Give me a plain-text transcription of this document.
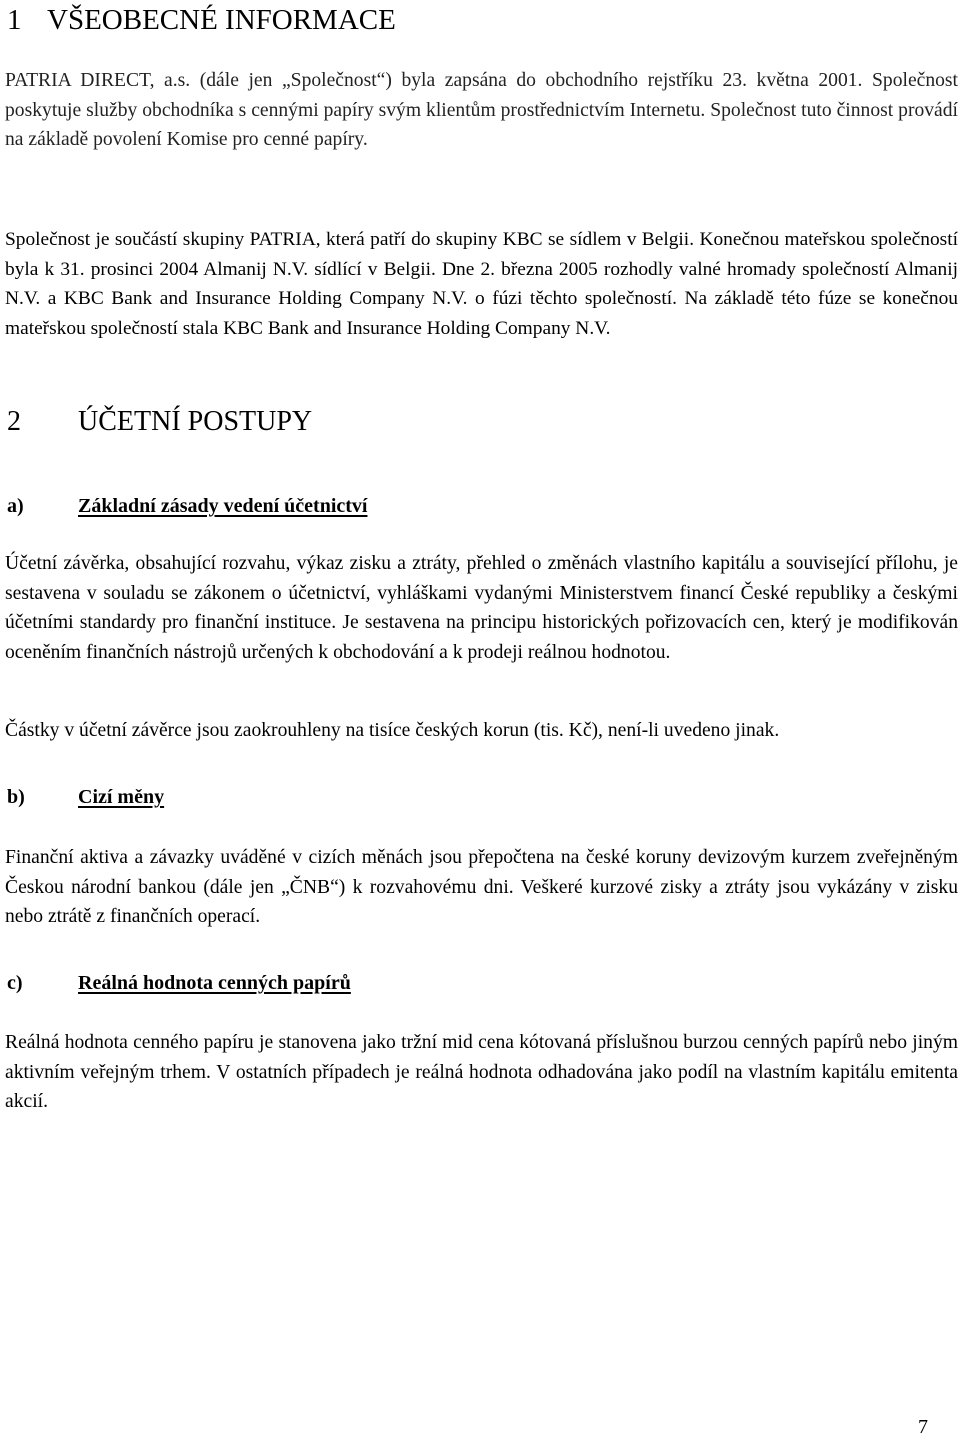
1 VŠEOBECNÉ INFORMACE

PATRIA DIRECT, a.s. (dále jen „Společnost“) byla zapsána do obchodního rejstříku 23. května 2001. Společnost poskytuje služby obchodníka s cennými papíry svým klientům prostřednictvím Internetu. Společnost tuto činnost provádí na základě povolení Komise pro cenné papíry.

Společnost je součástí skupiny PATRIA, která patří do skupiny KBC se sídlem v Belgii. Konečnou mateřskou společností byla k 31. prosinci 2004 Almanij N.V. sídlící v Belgii. Dne 2. března 2005 rozhodly valné hromady společností Almanij N.V. a KBC Bank and Insurance Holding Company N.V. o fúzi těchto společností. Na základě této fúze se konečnou mateřskou společností stala KBC Bank and Insurance Holding Company N.V.

2 ÚČETNÍ POSTUPY
a)	Základní zásady vedení účetnictví

Účetní závěrka, obsahující rozvahu, výkaz zisku a ztráty, přehled o změnách vlastního kapitálu a související přílohu, je sestavena v souladu se zákonem o účetnictví, vyhláškami vydanými Ministerstvem financí České republiky a českými účetními standardy pro finanční instituce. Je sestavena na principu historických pořizovacích cen, který je modifikován oceněním finančních nástrojů určených k obchodování a k prodeji reálnou hodnotou.

Částky v účetní závěrce jsou zaokrouhleny na tisíce českých korun (tis. Kč), není-li uvedeno jinak.

b)	Cizí měny

Finanční aktiva a závazky uváděné v cizích měnách jsou přepočtena na české koruny devizovým kurzem zveřejněným Českou národní bankou (dále jen „ČNB“) k rozvahovému dni. Veškeré kurzové zisky a ztráty jsou vykázány v zisku nebo ztrátě z finančních operací.

c)	Reálná hodnota cenných papírů

Reálná hodnota cenného papíru je stanovena jako tržní mid cena kótovaná příslušnou burzou cenných papírů nebo jiným aktivním veřejným trhem. V ostatních případech je reálná hodnota odhadována jako podíl na vlastním kapitálu emitenta akcií.

7
